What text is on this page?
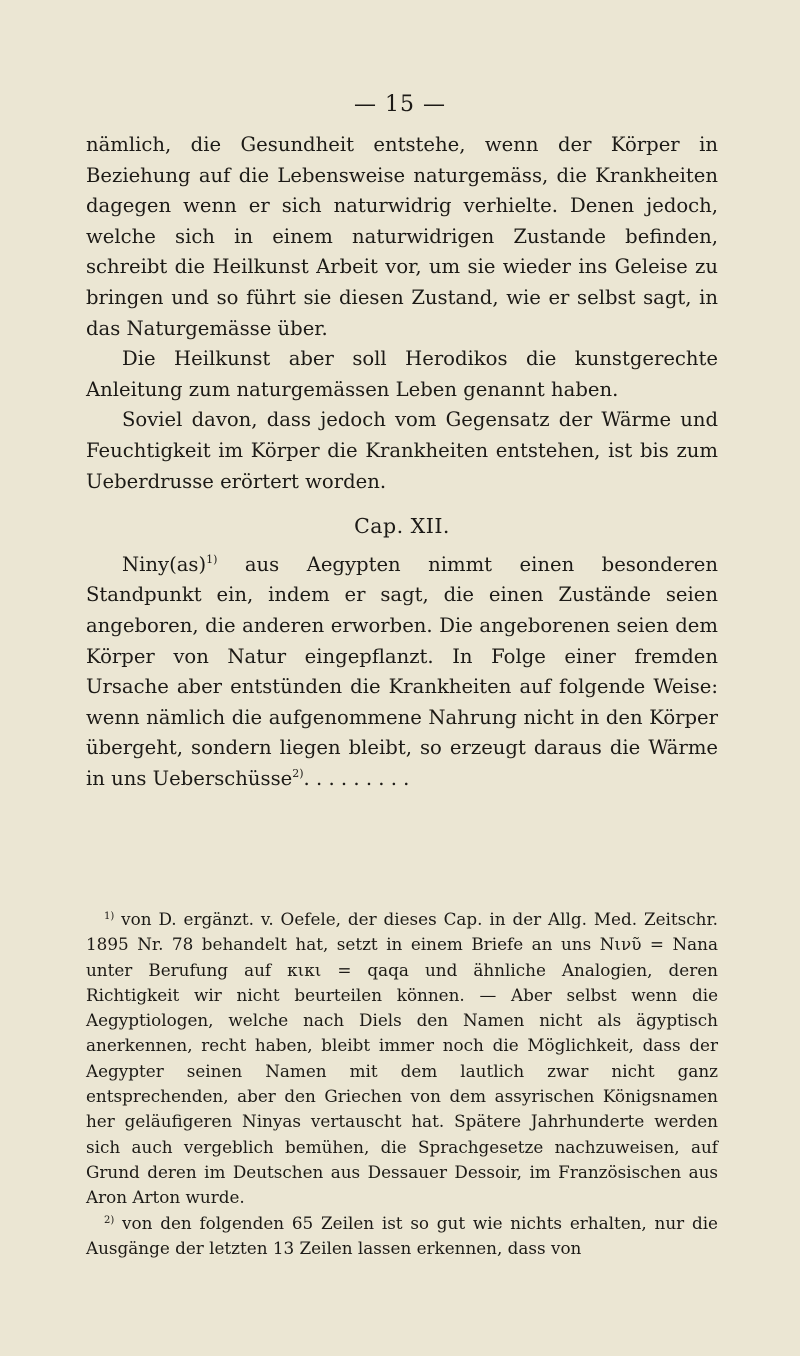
— 15 —

nämlich, die Gesundheit entstehe, wenn der Körper in Beziehung auf die Lebensweise naturgemäss, die Krankheiten dagegen wenn er sich naturwidrig verhielte. Denen jedoch, welche sich in einem naturwidrigen Zustande befinden, schreibt die Heilkunst Arbeit vor, um sie wieder ins Geleise zu bringen und so führt sie diesen Zustand, wie er selbst sagt, in das Naturgemässe über.

Die Heilkunst aber soll Herodikos die kunstgerechte Anleitung zum naturgemässen Leben genannt haben.

Soviel davon, dass jedoch vom Gegensatz der Wärme und Feuchtigkeit im Körper die Krankheiten entstehen, ist bis zum Ueberdrusse erörtert worden.

Cap. XII.

Niny(as)$^{1)}$ aus Aegypten nimmt einen besonderen Standpunkt ein, indem er sagt, die einen Zustände seien angeboren, die anderen erworben. Die angeborenen seien dem Körper von Natur eingepflanzt. In Folge einer fremden Ursache aber entstünden die Krankheiten auf folgende Weise: wenn nämlich die aufgenommene Nahrung nicht in den Körper übergeht, sondern liegen bleibt, so erzeugt daraus die Wärme in uns Ueberschüsse$^{2)}$. . . . . . . . .

$^{1)}$ von D. ergänzt. v. Oefele, der dieses Cap. in der Allg. Med. Zeitschr. 1895 Nr. 78 behandelt hat, setzt in einem Briefe an uns Νινῦ = Nana unter Berufung auf κικι = qaqa und ähnliche Analogien, deren Richtigkeit wir nicht beurteilen können. — Aber selbst wenn die Aegyptiologen, welche nach Diels den Namen nicht als ägyptisch anerkennen, recht haben, bleibt immer noch die Möglichkeit, dass der Aegypter seinen Namen mit dem lautlich zwar nicht ganz entsprechenden, aber den Griechen von dem assyrischen Königsnamen her geläufigeren Ninyas vertauscht hat. Spätere Jahrhunderte werden sich auch vergeblich bemühen, die Sprachgesetze nachzuweisen, auf Grund deren im Deutschen aus Dessauer Dessoir, im Französischen aus Aron Arton wurde.

$^{2)}$ von den folgenden 65 Zeilen ist so gut wie nichts erhalten, nur die Ausgänge der letzten 13 Zeilen lassen erkennen, dass von
